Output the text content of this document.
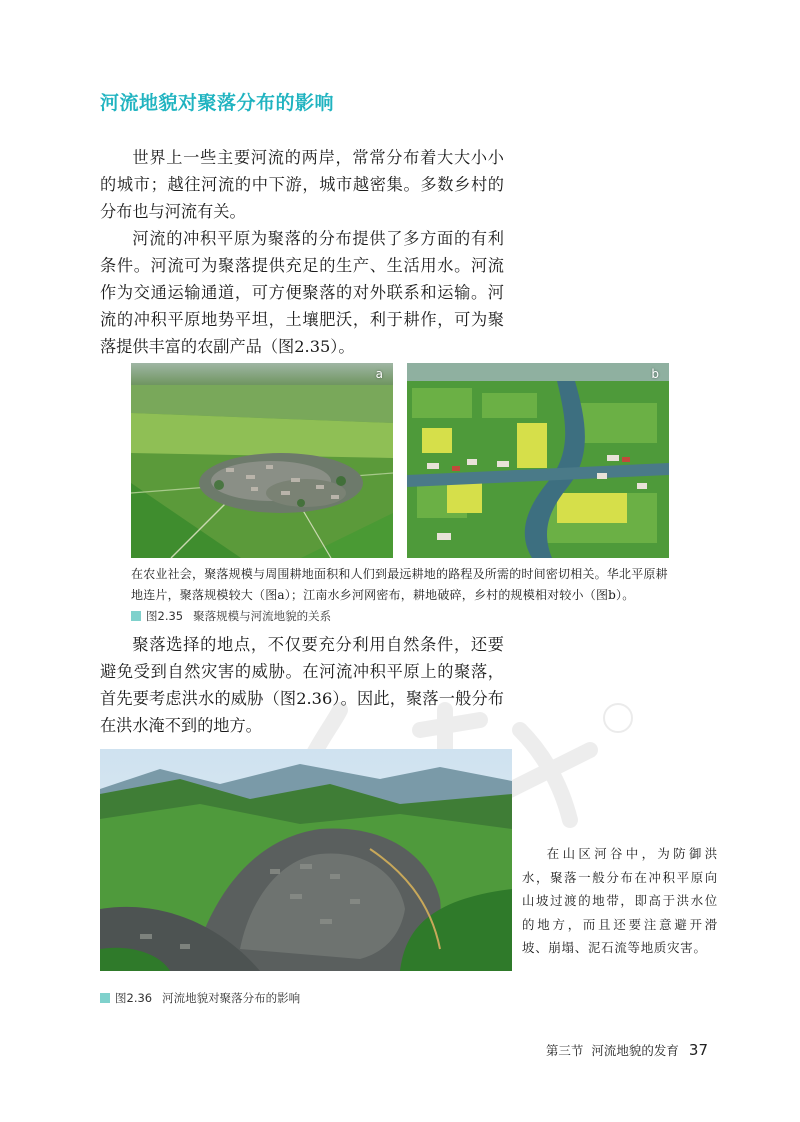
河流地貌对聚落分布的影响

世界上一些主要河流的两岸，常常分布着大大小小的城市；越往河流的中下游，城市越密集。多数乡村的分布也与河流有关。

河流的冲积平原为聚落的分布提供了多方面的有利条件。河流可为聚落提供充足的生产、生活用水。河流作为交通运输通道，可方便聚落的对外联系和运输。河流的冲积平原地势平坦，土壤肥沃，利于耕作，可为聚落提供丰富的农副产品（图2.35）。

a	b

在农业社会，聚落规模与周围耕地面积和人们到最远耕地的路程及所需的时间密切相关。华北平原耕地连片，聚落规模较大（图a）；江南水乡河网密布，耕地破碎，乡村的规模相对较小（图b）。

图2.35 聚落规模与河流地貌的关系

聚落选择的地点，不仅要充分利用自然条件，还要避免受到自然灾害的威胁。在河流冲积平原上的聚落，首先要考虑洪水的威胁（图2.36）。因此，聚落一般分布在洪水淹不到的地方。

在山区河谷中，为防御洪水，聚落一般分布在冲积平原向山坡过渡的地带，即高于洪水位的地方，而且还要注意避开滑坡、崩塌、泥石流等地质灾害。

图2.36 河流地貌对聚落分布的影响
第三节 河流地貌的发育 37
